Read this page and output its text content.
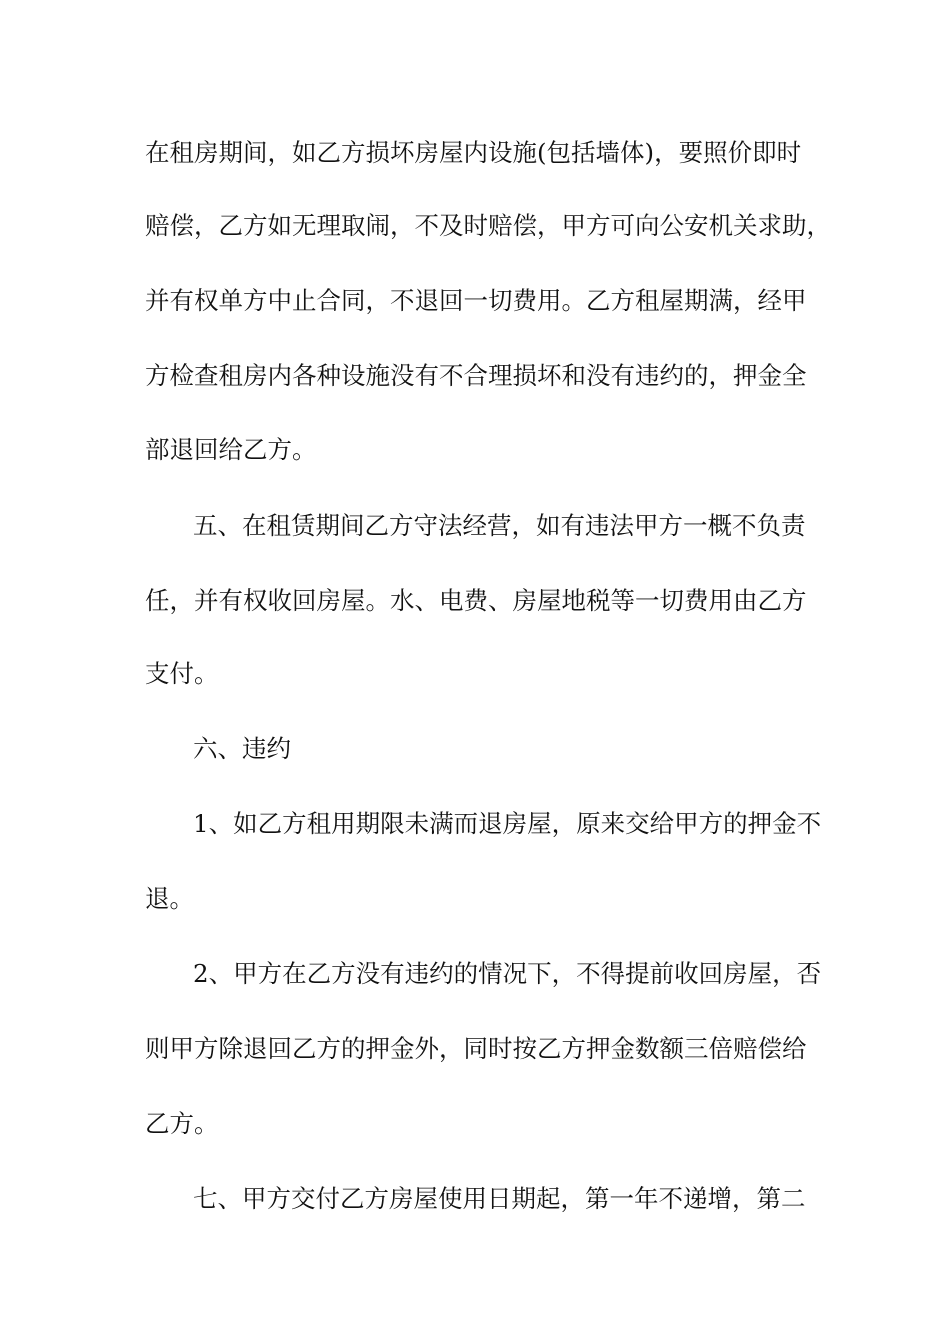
在租房期间，如乙方损坏房屋内设施(包括墙体)，要照价即时
赔偿，乙方如无理取闹，不及时赔偿，甲方可向公安机关求助，
并有权单方中止合同，不退回一切费用。乙方租屋期满，经甲
方检查租房内各种设施没有不合理损坏和没有违约的，押金全
部退回给乙方。
五、在租赁期间乙方守法经营，如有违法甲方一概不负责
任，并有权收回房屋。水、电费、房屋地税等一切费用由乙方
支付。
六、违约
1、如乙方租用期限未满而退房屋，原来交给甲方的押金不
退。
2、甲方在乙方没有违约的情况下，不得提前收回房屋，否
则甲方除退回乙方的押金外，同时按乙方押金数额三倍赔偿给
乙方。
七、甲方交付乙方房屋使用日期起，第一年不递增，第二
